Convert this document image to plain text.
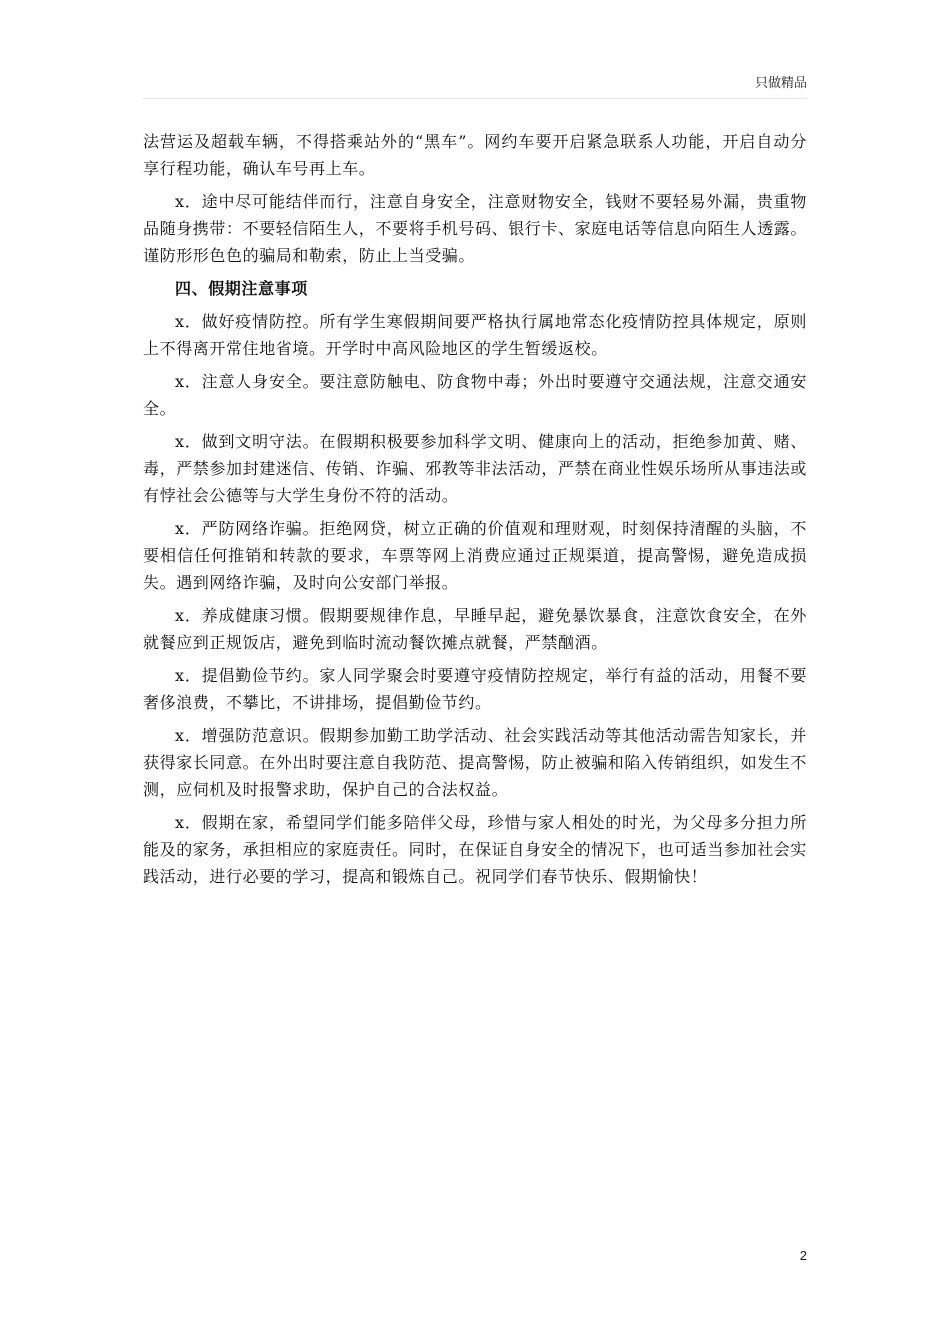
只做精品

法营运及超载车辆，不得搭乘站外的“黑车”。网约车要开启紧急联系人功能，开启自动分享行程功能，确认车号再上车。

x．途中尽可能结伴而行，注意自身安全，注意财物安全，钱财不要轻易外漏，贵重物品随身携带：不要轻信陌生人，不要将手机号码、银行卡、家庭电话等信息向陌生人透露。谨防形形色色的骗局和勒索，防止上当受骗。

四、假期注意事项

x．做好疫情防控。所有学生寒假期间要严格执行属地常态化疫情防控具体规定，原则上不得离开常住地省境。开学时中高风险地区的学生暂缓返校。

x．注意人身安全。要注意防触电、防食物中毒；外出时要遵守交通法规，注意交通安全。

x．做到文明守法。在假期积极要参加科学文明、健康向上的活动，拒绝参加黄、赌、毒，严禁参加封建迷信、传销、诈骗、邪教等非法活动，严禁在商业性娱乐场所从事违法或有悖社会公德等与大学生身份不符的活动。

x．严防网络诈骗。拒绝网贷，树立正确的价值观和理财观，时刻保持清醒的头脑，不要相信任何推销和转款的要求，车票等网上消费应通过正规渠道，提高警惕，避免造成损失。遇到网络诈骗，及时向公安部门举报。

x．养成健康习惯。假期要规律作息，早睡早起，避免暴饮暴食，注意饮食安全，在外就餐应到正规饭店，避免到临时流动餐饮摊点就餐，严禁酗酒。

x．提倡勤俭节约。家人同学聚会时要遵守疫情防控规定，举行有益的活动，用餐不要奢侈浪费，不攀比，不讲排场，提倡勤俭节约。

x．增强防范意识。假期参加勤工助学活动、社会实践活动等其他活动需告知家长，并获得家长同意。在外出时要注意自我防范、提高警惕，防止被骗和陷入传销组织，如发生不测，应伺机及时报警求助，保护自己的合法权益。

x．假期在家，希望同学们能多陪伴父母，珍惜与家人相处的时光，为父母多分担力所能及的家务，承担相应的家庭责任。同时，在保证自身安全的情况下，也可适当参加社会实践活动，进行必要的学习，提高和锻炼自己。祝同学们春节快乐、假期愉快！

2
